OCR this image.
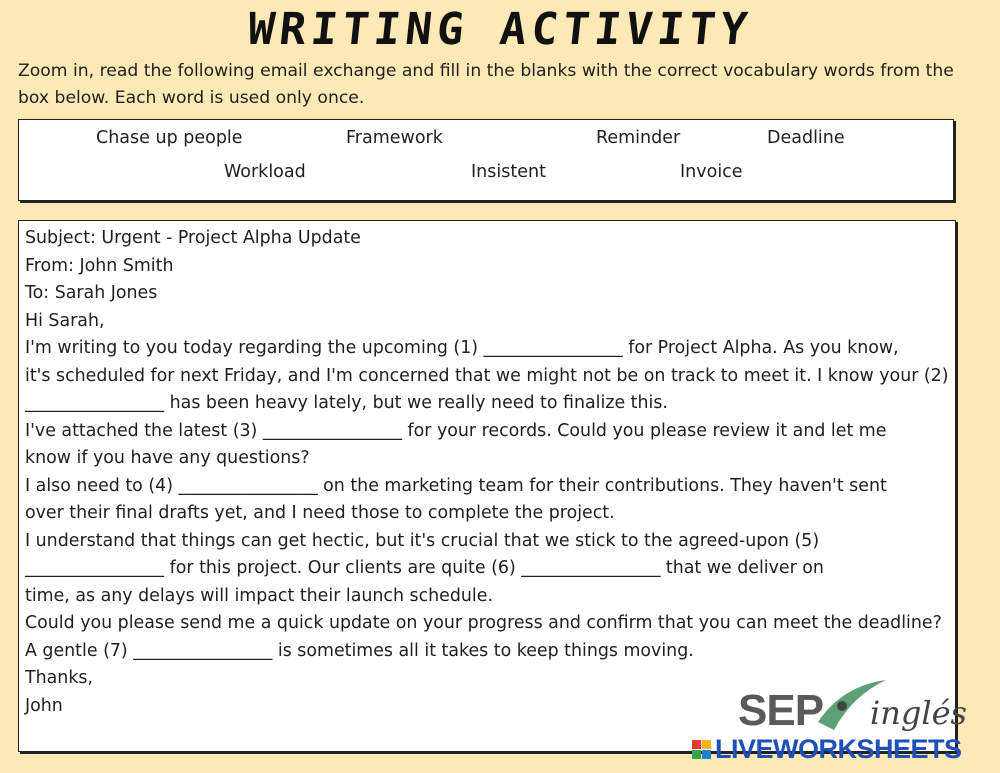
WRITING ACTIVITY
Zoom in, read the following email exchange and fill in the blanks with the correct vocabulary words from the
box below. Each word is used only once.
Chase up people	Framework	Reminder	Deadline
Workload	Insistent	Invoice
Subject: Urgent - Project Alpha Update
From: John Smith
To: Sarah Jones
Hi Sarah,
I'm writing to you today regarding the upcoming (1) ________________ for Project Alpha. As you know,
it's scheduled for next Friday, and I'm concerned that we might not be on track to meet it. I know your (2)
________________ has been heavy lately, but we really need to finalize this.
I've attached the latest (3) ________________ for your records. Could you please review it and let me
know if you have any questions?
I also need to (4) ________________ on the marketing team for their contributions. They haven't sent
over their final drafts yet, and I need those to complete the project.
I understand that things can get hectic, but it's crucial that we stick to the agreed-upon (5)
________________ for this project. Our clients are quite (6) ________________ that we deliver on
time, as any delays will impact their launch schedule.
Could you please send me a quick update on your progress and confirm that you can meet the deadline?
A gentle (7) ________________ is sometimes all it takes to keep things moving.
Thanks,
John	SEP inglés
LIVEWORKSHEETS
